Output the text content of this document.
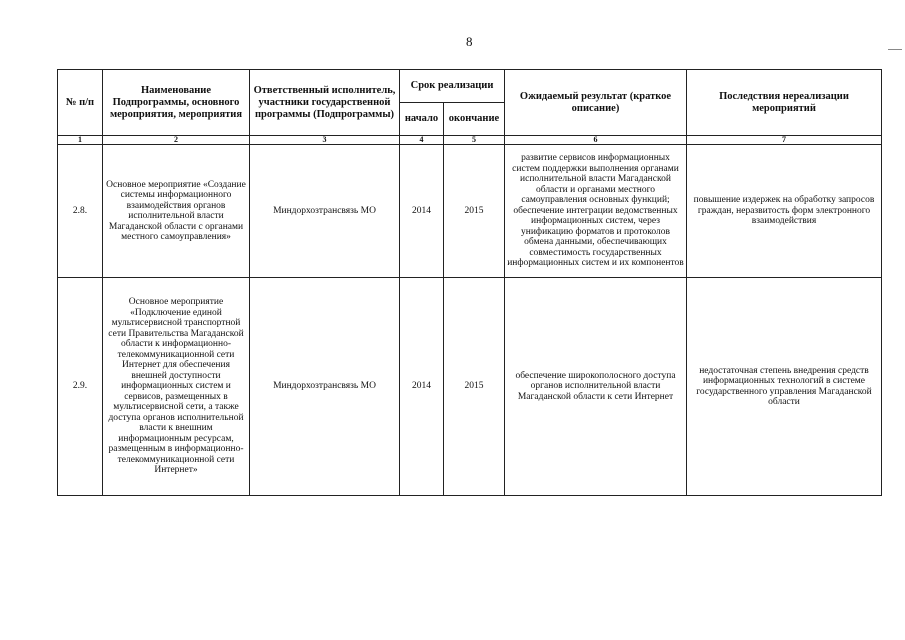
8
№ п/п	Наименование Подпрограммы, основного мероприятия, мероприятия	Ответственный исполнитель, участники государственной программы (Подпрограммы)	Срок реализации		Ожидаемый результат (краткое описание)	Последствия нереализации мероприятий
			начало	окончание		
1	2	3	4	5	6	7
2.8.	Основное мероприятие «Создание системы информационного взаимодействия органов исполнительной власти Магаданской области с органами местного самоуправления»	Миндорхозтрансвязь МО	2014	2015	развитие сервисов информационных систем поддержки выполнения органами исполнительной власти Магаданской области и органами местного самоуправления основных функций; обеспечение интеграции ведомственных информационных систем, через унификацию форматов и протоколов обмена данными, обеспечивающих совместимость государственных информационных систем и их компонентов	повышение издержек на обработку запросов граждан, неразвитость форм электронного взаимодействия
2.9.	Основное мероприятие «Подключение единой мультисервисной транспортной сети Правительства Магаданской области к информационно-телекоммуникационной сети Интернет для обеспечения внешней доступности информационных систем и сервисов, размещенных в мультисервисной сети, а также доступа органов исполнительной власти к внешним информационным ресурсам, размещенным в информационно-телекоммуникационной сети Интернет»	Миндорхозтрансвязь МО	2014	2015	обеспечение широкополосного доступа органов исполнительной власти Магаданской области к сети Интернет	недостаточная степень внедрения средств информационных технологий в системе государственного управления Магаданской области
